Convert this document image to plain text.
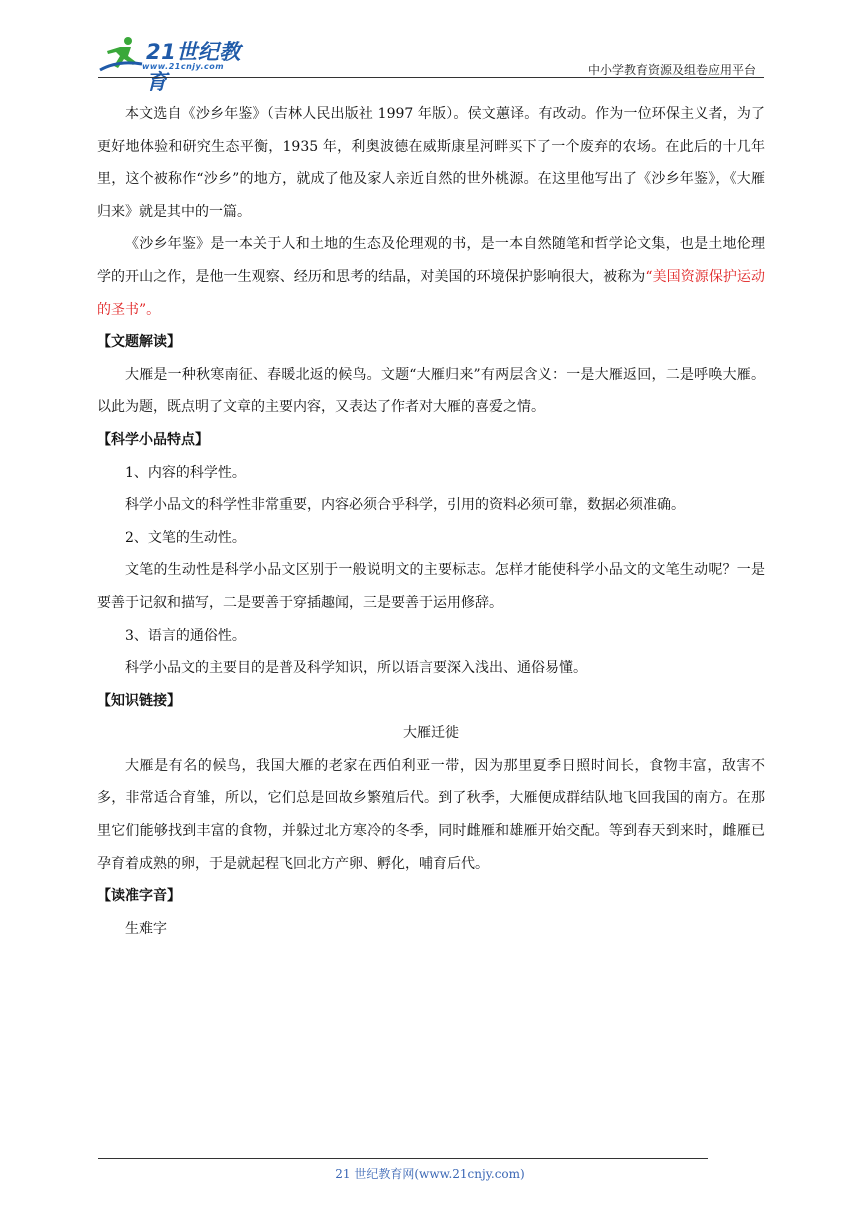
21世纪教育
www.21cnjy.com	中小学教育资源及组卷应用平台

本文选自《沙乡年鉴》（吉林人民出版社 1997 年版）。侯文蕙译。有改动。作为一位环保主义者，为了更好地体验和研究生态平衡，1935 年，利奥波德在威斯康星河畔买下了一个废弃的农场。在此后的十几年里，这个被称作“沙乡”的地方，就成了他及家人亲近自然的世外桃源。在这里他写出了《沙乡年鉴》，《大雁归来》就是其中的一篇。

《沙乡年鉴》是一本关于人和土地的生态及伦理观的书，是一本自然随笔和哲学论文集，也是土地伦理学的开山之作，是他一生观察、经历和思考的结晶，对美国的环境保护影响很大，被称为“美国资源保护运动的圣书”。

【文题解读】

大雁是一种秋寒南征、春暖北返的候鸟。文题“大雁归来”有两层含义：一是大雁返回，二是呼唤大雁。以此为题，既点明了文章的主要内容，又表达了作者对大雁的喜爱之情。

【科学小品特点】

1、内容的科学性。

科学小品文的科学性非常重要，内容必须合乎科学，引用的资料必须可靠，数据必须准确。

2、文笔的生动性。

文笔的生动性是科学小品文区别于一般说明文的主要标志。怎样才能使科学小品文的文笔生动呢？一是要善于记叙和描写，二是要善于穿插趣闻，三是要善于运用修辞。

3、语言的通俗性。

科学小品文的主要目的是普及科学知识，所以语言要深入浅出、通俗易懂。

【知识链接】

大雁迁徙

大雁是有名的候鸟，我国大雁的老家在西伯利亚一带，因为那里夏季日照时间长，食物丰富，敌害不多，非常适合育雏，所以，它们总是回故乡繁殖后代。到了秋季，大雁便成群结队地飞回我国的南方。在那里它们能够找到丰富的食物，并躲过北方寒冷的冬季，同时雌雁和雄雁开始交配。等到春天到来时，雌雁已孕育着成熟的卵，于是就起程飞回北方产卵、孵化，哺育后代。

【读准字音】

生难字

21 世纪教育网(www.21cnjy.com)
